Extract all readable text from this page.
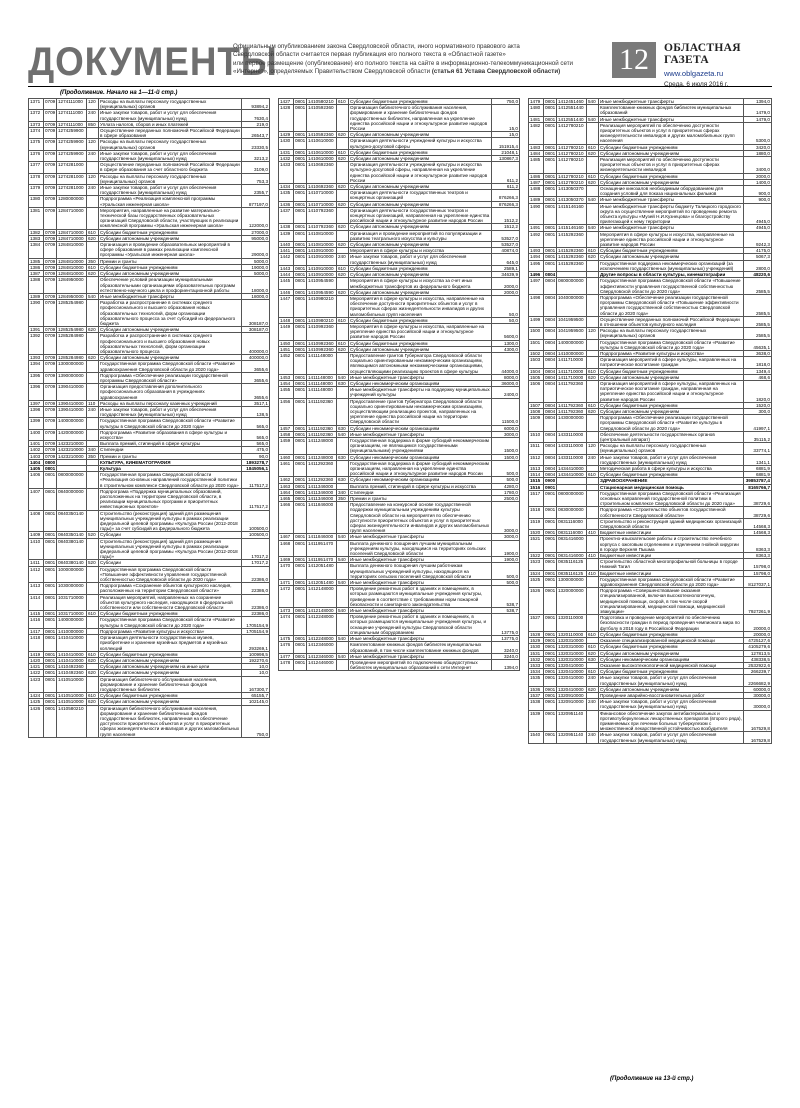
ДОКУМЕНТЫ
Официальным опубликованием закона Свердловской области, иного нормативного правового акта
Свердловской области считается первая публикация его полного текста в «Областной газете»
или первое размещение (опубликование) его полного текста на сайте в информационно-телекоммуникационной сети
«Интернет», определяемых Правительством Свердловской области (статья 61 Устава Свердловской области)	12	ОБЛАСТНАЯ ГАЗЕТА
www.oblgazeta.ru
Среда, 6 июля 2016 г.
(Продолжение. Начало на 1—11-й стр.)
1371	0709	1274111000	120	Расходы на выплаты персоналу государственных (муниципальных) органов	93894,2
1372	0709	1274111000	240	Иные закупки товаров, работ и услуг для обеспечения государственных (муниципальных) нужд	7630,4
1373	0709	1274111000	850	Уплата налогов, сборов и иных платежей	219,0
1374	0709	1274259900		Осуществление переданных полномочий Российской Федерации в сфере образования	26543,7
1375	0709	1274259900	120	Расходы на выплаты персоналу государственных (муниципальных) органов	23330,5
1376	0709	1274259900	240	Иные закупки товаров, работ и услуг для обеспечения государственных (муниципальных) нужд	3213,2
1377	0709	1274281000		Осуществление переданных полномочий Российской Федерации в сфере образования за счет областного бюджета	3109,0
1378	0709	1274281000	120	Расходы на выплаты персоналу государственных (муниципальных) органов	753,3
1379	0709	1274281000	240	Иные закупки товаров, работ и услуг для обеспечения государственных (муниципальных) нужд	2355,7
1380	0709	1280000000		Подпрограмма «Реализация комплексной программы «Уральская инженерная школа»	877197,0
1381	0709	1284710000		Мероприятия, направленные на развитие материально-технической базы государственных образовательных организаций Свердловской области, участвующих в реализации комплексной программы «Уральская инженерная школа»	122000,0
1382	0709	1284710000	610	Субсидии бюджетным учреждениям	27000,0
1383	0709	1284710000	620	Субсидии автономным учреждениям	95000,0
1384	0709	1284810000		Организация и проведение образовательных мероприятий в сфере образования в рамках реализации комплексной программы «Уральская инженерная школа»	29000,0
1385	0709	1284810000	350	Премии и гранты	5000,0
1386	0709	1284810000	610	Субсидии бюджетным учреждениям	19000,0
1387	0709	1284810000	620	Субсидии автономным учреждениям	5000,0
1388	0709	1284950000		Обеспечение условий реализации муниципальными образовательными организациями образовательных программ естественно-научного цикла и профориентационной работы	18000,0
1389	0709	1284950000	540	Иные межбюджетные трансферты	18000,0
1390	0709	1285254980		Разработка и распространение в системах среднего профессионального и высшего образования новых образовательных технологий, форм организации образовательного процесса за счет субсидий из федерального бюджета	308187,0
1391	0709	1285254980	620	Субсидии автономным учреждениям	308187,0
1392	0709	1285284980		Разработка и распространение в системах среднего профессионального и высшего образования новых образовательных технологий, форм организации образовательного процесса	400000,0
1393	0709	1285284980	620	Субсидии автономным учреждениям	400000,0
1394	0709	1300000000		Государственная программа Свердловской области «Развитие здравоохранения Свердловской области до 2020 года»	3655,6
1395	0709	1390000000		Подпрограмма «Обеспечение реализации государственной программы Свердловской области»	3655,6
1396	0709	1390410000		Организация предоставления дополнительного профессионального образования в учреждениях здравоохранения	3655,6
1397	0709	1390410000	110	Расходы на выплаты персоналу казенных учреждений	3517,1
1398	0709	1390410000	240	Иные закупки товаров, работ и услуг для обеспечения государственных (муниципальных) нужд	138,5
1399	0709	1400000000		Государственная программа Свердловской области «Развитие культуры в Свердловской области до 2020 года»	565,0
1400	0709	1420000000		Подпрограмма «Развитие образования в сфере культуры и искусства»	565,0
1401	0709	1423210000		Выплата премий, стипендий в сфере культуры	565,0
1402	0709	1423210000	340	Стипендии	475,0
1403	0709	1423210000	350	Премии и гранты	90,0
1404	0800			КУЛЬТУРА, КИНЕМАТОГРАФИЯ	1893278,7
1405	0801			Культура	1845056,1
1406	0801	0800000000		Государственная программа Свердловской области «Реализация основных направлений государственной политики в строительном комплексе Свердловской области до 2020 года»	117517,2
1407	0801	0840000000		Подпрограма «Поддержка муниципальных образований, расположенных на территории Свердловской области, в реализации муниципальных программ и приоритетных инвестиционных проектов»	117517,2
1408	0801	0840350140		Строительство (реконструкция) зданий для размещения муниципальных учреждений культуры в рамках реализации федеральной целевой программы «Культура России (2012-2018 годы)» за счет субсидий из федерального бюджета	100500,0
1409	0801	0840350140	520	Субсидии	100500,0
1410	0801	0840380140		Строительство (реконструкция) зданий для размещения муниципальных учреждений культуры в рамках реализации федеральной целевой программы «Культура России (2012-2018 годы)»	17017,2
1411	0801	0840380140	520	Субсидии	17017,2
1412	0801	1000000000		Государственная программа Свердловской области «Повышение эффективности управления государственной собственностью Свердловской области до 2020 года»	22386,0
1413	0801	1030000000		Подпрограмма «Сохранение объектов культурного наследия, расположенных на территории Свердловской области»	22386,0
1414	0801	1031710000		Реализация мероприятий, направленных на сохранение объектов культурного наследия, находящихся в федеральной собственности или собственности Свердловской области	22386,0
1415	0801	1031710000	610	Субсидии бюджетным учреждениям	22386,0
1416	0801	1400000000		Государственная программа Свердловской области «Развитие культуры в Свердловской области до 2020 года»	1705154,9
1417	0801	1410000000		Подпрограмма «Развитие культуры и искусства»	1705154,9
1418	0801	1410410000		Организация деятельности государственных музеев, приобретение и хранение музейных предметов и музейных коллекций	293269,1
1419	0801	1410410000	610	Субсидии бюджетным учреждениям	100998,5
1420	0801	1410410000	620	Субсидии автономным учреждениям	192270,6
1421	0801	1410492360		Субсидии автономным учреждениям на иные цели	10,0
1422	0801	1410492360	620	Субсидии автономным учреждениям	10,0
1423	0801	1410510000		Организация библиотечного обслуживания населения, формирование и хранение библиотечных фондов государственных библиотек	167300,7
1424	0801	1410510000	610	Субсидии бюджетным учреждениям	65155,7
1425	0801	1410510000	620	Субсидии автономным учреждениям	102145,0
1426	0801	1410580210		Организация библиотечного обслуживания населения, формирование и хранение библиотечных фондов государственных библиотек, направленная на обеспечение доступности приоритетных объектов и услуг в приоритетных сферах жизнедеятельности инвалидов и других маломобильных групп населения	750,0
1427	0801	1410580210	610	Субсидии бюджетным учреждениям	750,0
1428	0801	1410592360		Организация библиотечного обслуживания населения, формирование и хранение библиотечных фондов государственных библиотек, направленная на укрепление единства российской нации и этнокультурное развитие народов России	15,0
1429	0801	1410592360	620	Субсидии автономным учреждениям	15,0
1430	0801	1410610000		Организация деятельности учреждений культуры и искусства культурно-досуговой сферы	151915,4
1431	0801	1410610000	610	Субсидии бюджетным учреждениям	21048,1
1432	0801	1410610000	620	Субсидии автономным учреждениям	130867,3
1433	0801	1410692360		Организация деятельности учреждений культуры и искусства культурно-досуговой сферы, направленная на укрепление единства российской нации и этнокультурное развитие народов России	611,2
1434	0801	1410692360	620	Субсидии автономным учреждениям	611,2
1435	0801	1410710000		Организация деятельности государственных театров и концертных организаций	876266,3
1436	0801	1410710000	620	Субсидии автономным учреждениям	876266,3
1437	0801	1410792360		Организация деятельности государственных театров и концертных организаций, направленная на укрепление единства российской нации и этнокультурное развитие народов России	1512,2
1438	0801	1410792360	620	Субсидии автономным учреждениям	1512,2
1439	0801	1410810000		Организация и проведение мероприятий по популяризации и развитию театрального искусства и культуры	53527,0
1440	0801	1410810000	620	Субсидии автономным учреждениям	53527,0
1441	0801	1410910000		Мероприятия в сфере культуры и искусства	40874,0
1442	0801	1410910000	240	Иные закупки товаров, работ и услуг для обеспечения государственных (муниципальных) нужд	645,0
1443	0801	1410910000	610	Субсидии бюджетным учреждениям	2589,1
1444	0801	1410910000	620	Субсидии автономным учреждениям	34639,9
1445	0801	1410954590		Мероприятия в сфере культуры и искусства за счет иных межбюджетных трансфертов из федерального бюджета	2000,0
1446	0801	1410954590	620	Субсидии автономным учреждениям	2000,0
1447	0801	1410980210		Мероприятия в сфере культуры и искусства, направленные на обеспечение доступности приоритетных объектов и услуг в приоритетных сферах жизнедеятельности инвалидов и других маломобильных групп населения	50,0
1448	0801	1410980210	610	Субсидии бюджетным учреждениям	50,0
1449	0801	1410992360		Мероприятия в сфере культуры и искусства, направленные на укрепление единства российской нации и этнокультурное развитие народов России	5600,0
1450	0801	1410992360	610	Субсидии бюджетным учреждениям	1300,0
1451	0801	1410992360	620	Субсидии автономным учреждениям	4300,0
1452	0801	1411148000		Предоставление грантов Губернатора Свердловской области социально ориентированным некоммерческим организациям, являющимся автономными некоммерческими организациями, осуществляющими реализацию проектов в сфере культуры	44000,0
1453	0801	1411148000	540	Иные межбюджетные трансферты	8000,0
1454	0801	1411148000	630	Субсидии некоммерческим организациям	36000,0
1455	0801	1411148000		Иные межбюджетные трансферты на поддержку муниципальных учреждений культуры	2400,0
1456	0801	1411192360		Предоставление грантов Губернатора Свердловской области социально ориентированным некоммерческим организациям, осуществляющим реализацию проектов, направленных на укрепление единства российской нации на территории Свердловской области	11500,0
1457	0801	1411192360	630	Субсидии некоммерческим организациям	6000,0
1458	0801	1411192360	540	Иные межбюджетные трансферты	3000,0
1459	0801	1411248000		Государственная поддержка в форме субсидий некоммерческим организациям, не являющимся государственными (муниципальными) учреждениями	1500,0
1460	0801	1411248000	630	Субсидии некоммерческим организациям	1500,0
1461	0801	1411292360		Государственная поддержка в форме субсидий некоммерческим организациям, направленная на укрепление единства российской нации и этнокультурное развитие народов России	500,0
1462	0801	1411292360	630	Субсидии некоммерческим организациям	500,0
1463	0801	1411346000		Выплата премий, стипендий в сфере культуры и искусства	4280,0
1464	0801	1411346000	340	Стипендии	1780,0
1465	0801	1411346000	350	Премии и гранты	2500,0
1466	0801	1411846000		Предоставление на конкурсной основе государственной поддержки муниципальным учреждениям культуры Свердловской области на мероприятия по обеспечению доступности приоритетных объектов и услуг в приоритетных сферах жизнедеятельности инвалидов и других маломобильных групп населения	3000,0
1467	0801	1411846000	540	Иные межбюджетные трансферты	3000,0
1468	0801	1411951470		Выплата денежного поощрения лучшим муниципальным учреждениям культуры, находящимся на территориях сельских поселений Свердловской области	1900,0
1469	0801	1411951470	540	Иные межбюджетные трансферты	1900,0
1470	0801	1412051480		Выплата денежного поощрения лучшим работникам муниципальных учреждений культуры, находящихся на территориях сельских поселений Свердловской области	500,0
1471	0801	1412051480	540	Иные межбюджетные трансферты	500,0
1472	0801	1412148000		Проведение ремонтных работ в зданиях и помещениях, в которых размещаются муниципальные учреждения культуры, приведение в соответствие с требованиями норм пожарной безопасности и санитарного законодательства	538,7
1473	0801	1412148000	540	Иные межбюджетные трансферты	538,7
1474	0801	1412248000		Проведение ремонтных работ в зданиях и помещениях, в которых размещаются муниципальные учреждения культуры, и оснащение учреждений культуры Свердловской области специальным оборудованием	13775,0
1475	0801	1412248000	540	Иные межбюджетные трансферты	13775,0
1476	0801	1412346000		Комплектование книжных фондов библиотек муниципальных образований, в том числе комплектование книжных фондов	3240,0
1477	0801	1412346000	540	Иные межбюджетные трансферты	3240,0
1478	0801	1412446000		Проведение мероприятий по подключению общедоступных библиотек муниципальных образований к сети Интернет	1394,0
1479	0801	1412451460	540	Иные межбюджетные трансферты	1394,0
1480	0801	1412551440		Комплектование книжных фондов библиотек муниципальных образований	1479,0
1481	0801	1412551440	540	Иные межбюджетные трансферты	1479,0
1482	0801	1412780210		Реализация мероприятий по обеспечению доступности приоритетных объектов и услуг в приоритетных сферах жизнедеятельности инвалидов и других маломобильных групп населения	5300,0
1483	0801	1412780210	610	Субсидии бюджетным учреждениям	3420,0
1484	0801	1412780210	620	Субсидии автономным учреждениям	1880,0
1485	0801	1412780210		Реализация мероприятий по обеспечению доступности приоритетных объектов и услуг в приоритетных сферах жизнедеятельности инвалидов	3400,0
1486	0801	1412780210	610	Субсидии бюджетным учреждениям	2000,0
1487	0801	1412780210	620	Субсидии автономным учреждениям	1400,0
1488	0801	1413050370		Оснащение кинозалов необходимым оборудованием для создания условий для показа национальных фильмов	900,0
1489	0801	1413050370	540	Иные межбюджетные трансферты	900,0
1490	0801	1415146160		Иные межбюджетные трансферты бюджету Талицкого городского округа на осуществление мероприятий по проведению ремонта объекта культуры «Музей Н.И.Кузнецова» и благоустройству прилегающей к нему территории	4945,0
1491	0801	1415146160	540	Иные межбюджетные трансферты	4945,0
1492	0801	1415292360		Мероприятия в сфере культуры и искусства, направленные на укрепление единства российской нации и этнокультурное развитие народов России	9242,3
1493	0801	1415292360	610	Субсидии бюджетным учреждениям	4175,0
1494	0801	1415292360	620	Субсидии автономным учреждениям	5067,3
1495	0801	1415292360		Государственная поддержка некоммерческих организаций (за исключением государственных (муниципальных) учреждений)	2800,0
1496	0804			Другие вопросы в области культуры, кинематографии	48220,6
1497	0804	0800000000		Государственная программа Свердловской области «Повышение эффективности управления государственной собственностью Свердловской области до 2020 года»	2585,5
1498	0804	1040000000		Подпрограмма «Обеспечение реализации государственной программы Свердловской области «Повышение эффективности управления государственной собственностью Свердловской области до 2020 года»	2585,5
1499	0804	1041959500		Осуществление переданных полномочий Российской Федерации в отношении объектов культурного наследия	2585,5
1500	0804	1041959500	120	Расходы на выплаты персоналу государственных (муниципальных) органов	2585,5
1501	0804	1400000000		Государственная программа Свердловской области «Развитие культуры в Свердловской области до 2020 года»	45635,1
1502	0804	1410000000		Подпрограмма «Развитие культуры и искусства»	3638,0
1503	0804	1411710000		Организация мероприятий в сфере культуры, направленных на патриотическое воспитание граждан	1818,0
1504	0804	1411710000	610	Субсидии бюджетным учреждениям	1349,4
1505	0804	1411710000	620	Субсидии автономным учреждениям	468,6
1506	0804	1411792360		Организация мероприятий в сфере культуры, направленных на патриотическое воспитание граждан, направленная на укрепление единства российской нации и этнокультурное развитие народов России	1820,0
1507	0804	1411792360	610	Субсидии бюджетным учреждениям	1520,0
1508	0804	1411792360	620	Субсидии автономным учреждениям	300,0
1509	0804	1430000000		Подпрограмма «Обеспечение реализации государственной программы Свердловской области «Развитие культуры в Свердловской области до 2020 года»	41997,1
1510	0804	1433110000		Обеспечение деятельности государственных органов (центральный аппарат)	35115,2
1511	0804	1433110000	120	Расходы на выплаты персоналу государственных (муниципальных) органов	33774,1
1512	0804	1433110000	240	Иные закупки товаров, работ и услуг для обеспечения государственных (муниципальных) нужд	1341,1
1513	0804	1434410000		Методическая работа в сфере культуры и искусства	6881,9
1514	0804	1434410000	610	Субсидии бюджетным учреждениям	6881,9
1515	0900			ЗДРАВООХРАНЕНИЕ	39853787,4
1516	0901			Стационарная медицинская помощь	8165766,7
1517	0901	0800000000		Государственная программа Свердловской области «Реализация основных направлений государственной политики в строительном комплексе Свердловской области до 2020 года»	38729,6
1518	0901	0830000000		Подпрограмма «Строительство объектов государственной собственности Свердловской области»	38729,6
1519	0901	0831116000		Строительство и реконструкция зданий медицинских организаций Свердловской области	14568,3
1520	0901	0831116000	410	Бюджетные инвестиции	14568,3
1521	0901	0831416000		Проектно-изыскательские работы и строительство лечебного корпуса с ожоговым отделением и отделением гнойной хирургии в городе Верхняя Пышма	8363,3
1522	0901	0831416000	410	Бюджетные инвестиции	8363,3
1523	0901	0835116125		Строительство областной многопрофильной больницы в городе Нижний Тагил	15798,0
1524	0901	0835116125	410	Бюджетные инвестиции	15798,0
1525	0901	1300000000		Государственная программа Свердловской области «Развитие здравоохранения Свердловской области до 2020 года»	8127037,1
1526	0901	1320000000		Подпрограмма «Совершенствование оказания специализированной, включая высокотехнологичную, медицинской помощи, скорой, в том числе скорой специализированной, медицинской помощи, медицинской эвакуации»	7927261,9
1527	0901	1320110000		Подготовка и проведение мероприятий по обеспечению безопасности граждан в период проведения чемпионата мира по футболу в 2018 году в Российской Федерации	20000,0
1528	0901	1320110000	610	Субсидии бюджетным учреждениям	20000,0
1529	0901	1320310000		Оказание специализированной медицинской помощи	4725127,6
1530	0901	1320310000	610	Субсидии бюджетным учреждениям	4105279,6
1531	0901	1320310000	620	Субсидии автономным учреждениям	127813,5
1532	0901	1320310000	630	Субсидии некоммерческим организациям	438338,5
1533	0901	1320410000		Оказание высокотехнологичной медицинской помощи	2532922,6
1534	0901	1320410000	610	Субсидии бюджетным учреждениям	266239,7
1535	0901	1320410000	240	Иные закупки товаров, работ и услуг для обеспечения государственных (муниципальных) нужд	2266682,9
1536	0901	1320410000	620	Субсидии автономным учреждениям	60000,0
1537	0901	1320910000		Проведение аварийно-восстановительных работ	30000,0
1538	0901	1320910000	240	Иные закупки товаров, работ и услуг для обеспечения государственных (муниципальных) нужд	30000,0
1539	0901	1320951140		Финансовое обеспечение закупок антибактериальных и противотуберкулезных лекарственных препаратов (второго ряда), применяемых при лечении больных туберкулезом с множественной лекарственной устойчивостью возбудителя	167529,8
1540	0901	1320951140	240	Иные закупки товаров, работ и услуг для обеспечения государственных (муниципальных) нужд	167529,8
(Продолжение на 13-й стр.)
